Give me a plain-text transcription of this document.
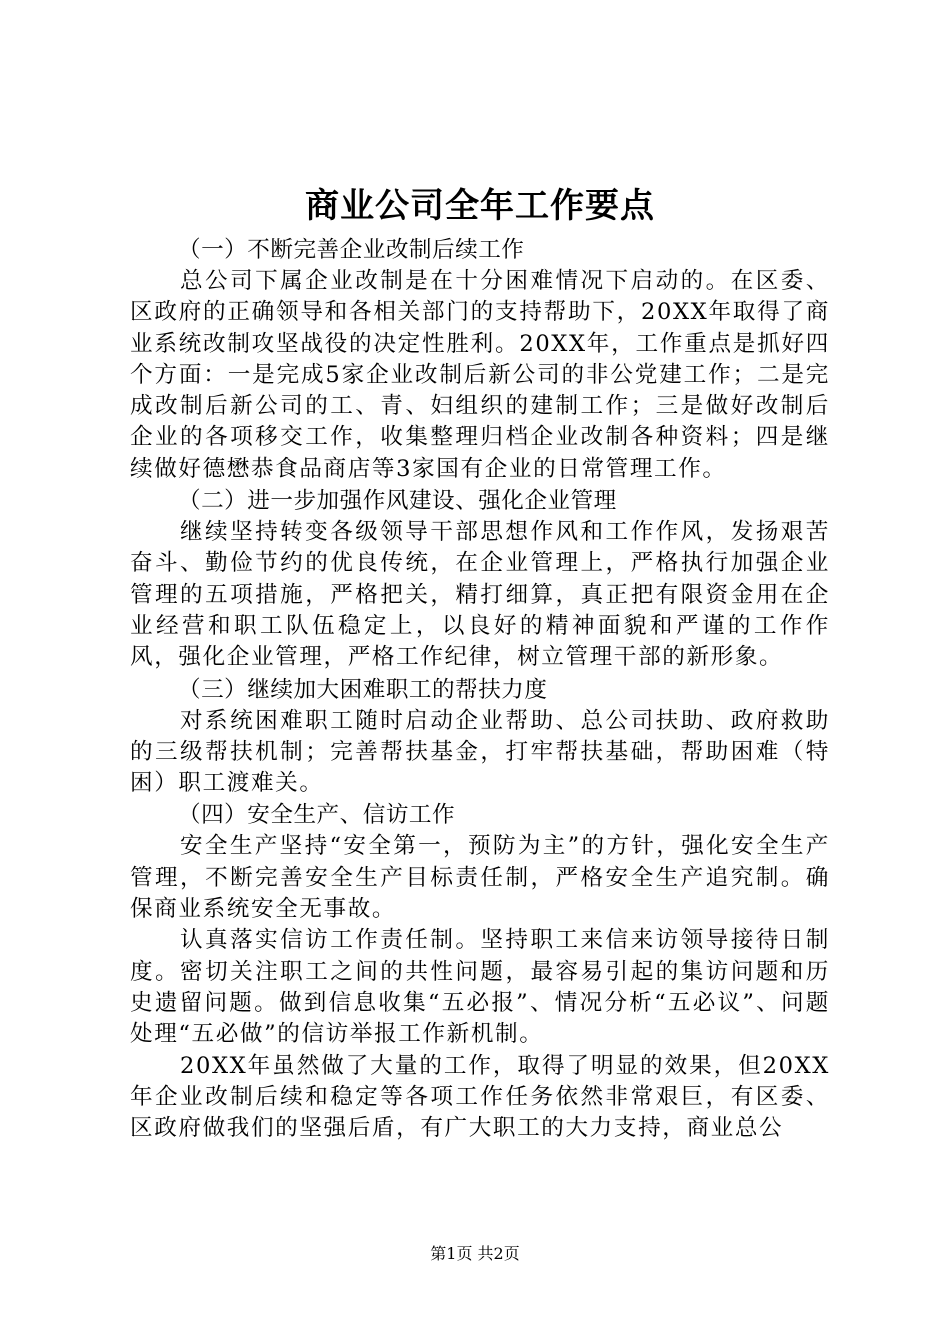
商业公司全年工作要点

（一）不断完善企业改制后续工作

总公司下属企业改制是在十分困难情况下启动的。在区委、区政府的正确领导和各相关部门的支持帮助下，20XX年取得了商业系统改制攻坚战役的决定性胜利。20XX年，工作重点是抓好四个方面：一是完成5家企业改制后新公司的非公党建工作；二是完成改制后新公司的工、青、妇组织的建制工作；三是做好改制后企业的各项移交工作，收集整理归档企业改制各种资料；四是继续做好德懋恭食品商店等3家国有企业的日常管理工作。

（二）进一步加强作风建设、强化企业管理

继续坚持转变各级领导干部思想作风和工作作风，发扬艰苦奋斗、勤俭节约的优良传统，在企业管理上，严格执行加强企业管理的五项措施，严格把关，精打细算，真正把有限资金用在企业经营和职工队伍稳定上，以良好的精神面貌和严谨的工作作风，强化企业管理，严格工作纪律，树立管理干部的新形象。

（三）继续加大困难职工的帮扶力度

对系统困难职工随时启动企业帮助、总公司扶助、政府救助的三级帮扶机制；完善帮扶基金，打牢帮扶基础，帮助困难（特困）职工渡难关。

（四）安全生产、信访工作

安全生产坚持“安全第一，预防为主”的方针，强化安全生产管理，不断完善安全生产目标责任制，严格安全生产追究制。确保商业系统安全无事故。

认真落实信访工作责任制。坚持职工来信来访领导接待日制度。密切关注职工之间的共性问题，最容易引起的集访问题和历史遗留问题。做到信息收集“五必报”、情况分析“五必议”、问题处理“五必做”的信访举报工作新机制。

20XX年虽然做了大量的工作，取得了明显的效果，但20XX年企业改制后续和稳定等各项工作任务依然非常艰巨，有区委、区政府做我们的坚强后盾，有广大职工的大力支持，商业总公

第1页 共2页
